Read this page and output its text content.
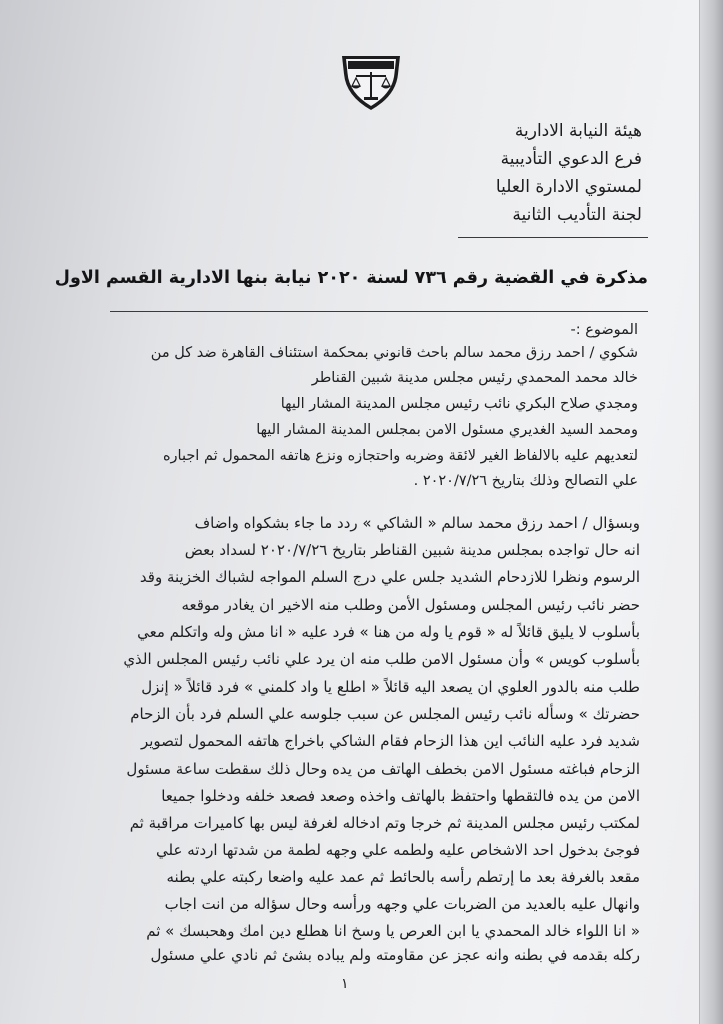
هيئة النيابة الادارية
فرع الدعوي التأديبية
لمستوي الادارة العليا
لجنة التأديب الثانية
مذكرة في القضية رقم ٧٣٦ لسنة ٢٠٢٠ نيابة بنها الادارية القسم الاول
الموضوع :-
شكوي / احمد رزق محمد سالم باحث قانوني بمحكمة استئناف القاهرة ضد كل من
خالد محمد المحمدي رئيس مجلس مدينة شبين القناطر
ومجدي صلاح البكري نائب رئيس مجلس المدينة المشار اليها
ومحمد السيد الغديري مسئول الامن بمجلس المدينة المشار اليها
لتعديهم عليه بالالفاظ الغير لائقة وضربه واحتجازه ونزع هاتفه المحمول ثم اجباره
علي التصالح وذلك بتاريخ ٢٠٢٠/٧/٢٦ .
وبسؤال / احمد رزق محمد سالم « الشاكي » ردد ما جاء بشكواه واضاف
انه حال تواجده بمجلس مدينة شبين القناطر بتاريخ ٢٠٢٠/٧/٢٦ لسداد بعض
الرسوم ونظرا للازدحام الشديد جلس علي درج السلم المواجه لشباك الخزينة وقد
حضر نائب رئيس المجلس ومسئول الأمن وطلب منه الاخير ان يغادر موقعه
بأسلوب لا يليق قائلاً له « قوم يا وله من هنا » فرد عليه « انا مش وله واتكلم معي
بأسلوب كويس » وأن مسئول الامن طلب منه ان يرد علي نائب رئيس المجلس الذي
طلب منه بالدور العلوي ان يصعد اليه قائلاً « اطلع يا واد كلمني » فرد قائلاً « إنزل
حضرتك » وسأله نائب رئيس المجلس عن سبب جلوسه علي السلم فرد بأن الزحام
شديد فرد عليه النائب اين هذا الزحام فقام الشاكي باخراج هاتفه المحمول لتصوير
الزحام فباغته مسئول الامن بخطف الهاتف من يده وحال ذلك سقطت ساعة مسئول
الامن من يده فالتقطها واحتفظ بالهاتف واخذه وصعد فصعد خلفه ودخلوا جميعا
لمكتب رئيس مجلس المدينة ثم خرجا وتم ادخاله لغرفة ليس بها كاميرات مراقبة ثم
فوجئ بدخول احد الاشخاص عليه ولطمه علي وجهه لطمة من شدتها اردته علي
مقعد بالغرفة بعد ما إرتطم رأسه بالحائط ثم عمد عليه واضعا ركبته علي بطنه
وانهال عليه بالعديد من الضربات علي وجهه ورأسه وحال سؤاله من انت اجاب
« انا اللواء خالد المحمدي يا ابن العرص يا وسخ انا هطلع دين امك وهحبسك » ثم
ركله بقدمه في بطنه وانه عجز عن مقاومته ولم يباده بشئ ثم نادي علي مسئول
١
